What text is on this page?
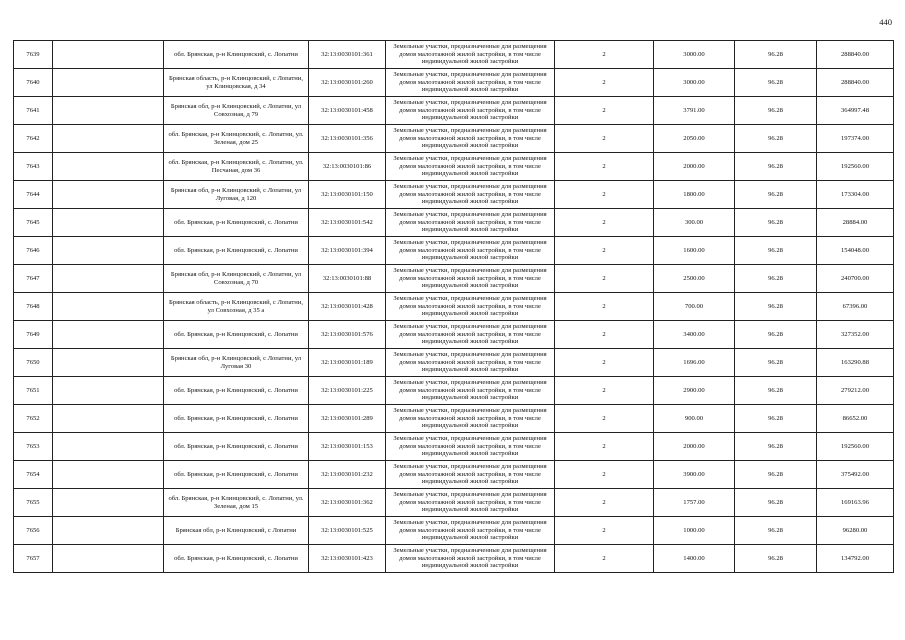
440
7639		обл. Брянская, р-н Клинцовский, с. Лопатни	32:13:0030101:361	Земельные участки, предназначенные для размещения домов малоэтажной жилой застройки, в том числе индивидуальной жилой застройки	2	3000.00	96.28	288840.00

7640		Брянская область, р-н Клинцовский, с Лопатни, ул Клинцовская, д 34	32:13:0030101:260	Земельные участки, предназначенные для размещения домов малоэтажной жилой застройки, в том числе индивидуальной жилой застройки	2	3000.00	96.28	288840.00

7641		Брянская обл, р-н Клинцовский, с Лопатни, ул Совхозная, д 79	32:13:0030101:458	Земельные участки, предназначенные для размещения домов малоэтажной жилой застройки, в том числе индивидуальной жилой застройки	2	3791.00	96.28	364997.48

7642		обл. Брянская, р-н Клинцовский, с. Лопатни, ул. Зеленая, дом 25	32:13:0030101:356	Земельные участки, предназначенные для размещения домов малоэтажной жилой застройки, в том числе индивидуальной жилой застройки	2	2050.00	96.28	197374.00

7643		обл. Брянская, р-н Клинцовский, с. Лопатни, ул. Песчаная, дом 36	32:13:0030101:86	Земельные участки, предназначенные для размещения домов малоэтажной жилой застройки, в том числе индивидуальной жилой застройки	2	2000.00	96.28	192560.00

7644		Брянская обл, р-н Клинцовский, с Лопатни, ул Луговая, д 120	32:13:0030101:150	Земельные участки, предназначенные для размещения домов малоэтажной жилой застройки, в том числе индивидуальной жилой застройки	2	1800.00	96.28	173304.00

7645		обл. Брянская, р-н Клинцовский, с. Лопатни	32:13:0030101:542	Земельные участки, предназначенные для размещения домов малоэтажной жилой застройки, в том числе индивидуальной жилой застройки	2	300.00	96.28	28884.00

7646		обл. Брянская, р-н Клинцовский, с. Лопатни	32:13:0030101:394	Земельные участки, предназначенные для размещения домов малоэтажной жилой застройки, в том числе индивидуальной жилой застройки	2	1600.00	96.28	154048.00

7647		Брянская обл, р-н Клинцовский, с Лопатни, ул Совхозная, д 70	32:13:0030101:88	Земельные участки, предназначенные для размещения домов малоэтажной жилой застройки, в том числе индивидуальной жилой застройки	2	2500.00	96.28	240700.00

7648		Брянская область, р-н Клинцовский, с Лопатни, ул Совхозная, д 35 а	32:13:0030101:428	Земельные участки, предназначенные для размещения домов малоэтажной жилой застройки, в том числе индивидуальной жилой застройки	2	700.00	96.28	67396.00

7649		обл. Брянская, р-н Клинцовский, с. Лопатни	32:13:0030101:576	Земельные участки, предназначенные для размещения домов малоэтажной жилой застройки, в том числе индивидуальной жилой застройки	2	3400.00	96.28	327352.00

7650		Брянская обл, р-н Клинцовский, с Лопатни, ул Луговая 30	32:13:0030101:189	Земельные участки, предназначенные для размещения домов малоэтажной жилой застройки, в том числе индивидуальной жилой застройки	2	1696.00	96.28	163290.88

7651		обл. Брянская, р-н Клинцовский, с. Лопатни	32:13:0030101:225	Земельные участки, предназначенные для размещения домов малоэтажной жилой застройки, в том числе индивидуальной жилой застройки	2	2900.00	96.28	279212.00

7652		обл. Брянская, р-н Клинцовский, с. Лопатни	32:13:0030101:289	Земельные участки, предназначенные для размещения домов малоэтажной жилой застройки, в том числе индивидуальной жилой застройки	2	900.00	96.28	86652.00

7653		обл. Брянская, р-н Клинцовский, с. Лопатни	32:13:0030101:153	Земельные участки, предназначенные для размещения домов малоэтажной жилой застройки, в том числе индивидуальной жилой застройки	2	2000.00	96.28	192560.00

7654		обл. Брянская, р-н Клинцовский, с. Лопатни	32:13:0030101:232	Земельные участки, предназначенные для размещения домов малоэтажной жилой застройки, в том числе индивидуальной жилой застройки	2	3900.00	96.28	375492.00

7655		обл. Брянская, р-н Клинцовский, с. Лопатни, ул. Зеленая, дом 15	32:13:0030101:362	Земельные участки, предназначенные для размещения домов малоэтажной жилой застройки, в том числе индивидуальной жилой застройки	2	1757.00	96.28	169163.96

7656		Брянская обл, р-н Клинцовский, с Лопатни	32:13:0030101:525	Земельные участки, предназначенные для размещения домов малоэтажной жилой застройки, в том числе индивидуальной жилой застройки	2	1000.00	96.28	96280.00

7657		обл. Брянская, р-н Клинцовский, с. Лопатни	32:13:0030101:423	Земельные участки, предназначенные для размещения домов малоэтажной жилой застройки, в том числе индивидуальной жилой застройки	2	1400.00	96.28	134792.00
